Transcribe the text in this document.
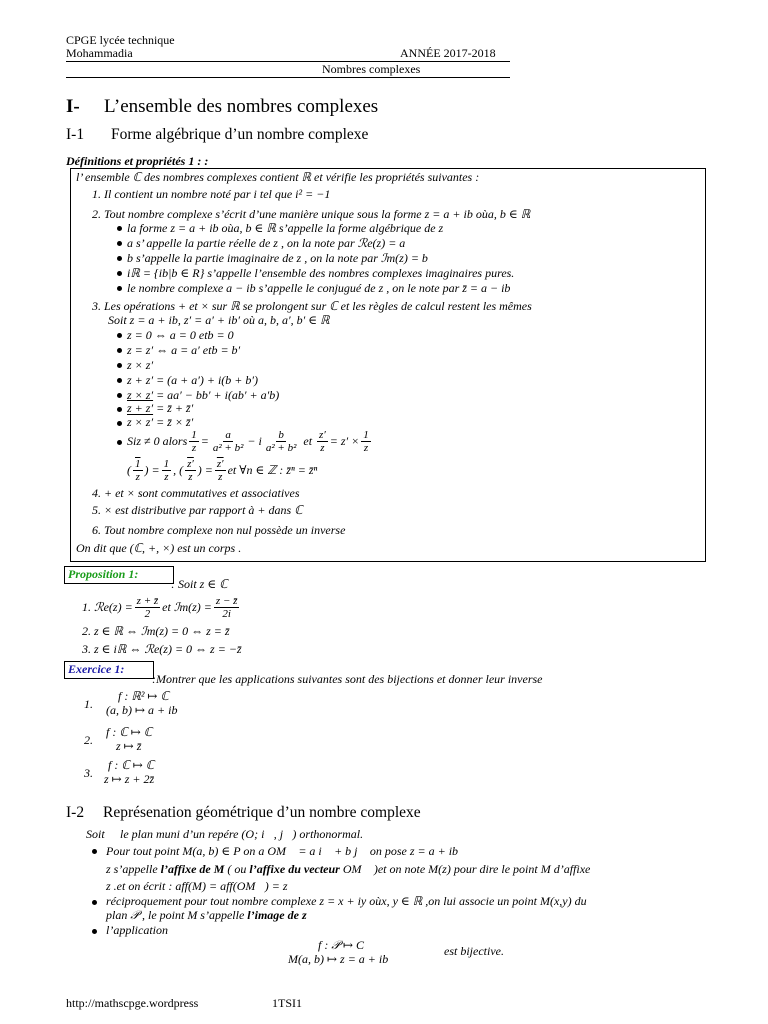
CPGE lycée technique
Mohammadia	ANNÉE 2017-2018
Nombres complexes
I- L’ensemble des nombres complexes
I-1 Forme algébrique d’un nombre complexe
Définitions et propriétés 1 : :
l’ ensemble ℂ des nombres complexes contient ℝ et vérifie les propriétés suivantes :
1. Il contient un nombre noté par i tel que i² = −1
2. Tout nombre complexe s’écrit d’une manière unique sous la forme z = a + ib oùa, b ∈ ℝ
la forme z = a + ib oùa, b ∈ ℝ s’appelle la forme algébrique de z
a s’ appelle la partie réelle de z , on la note par ℛe(z) = a
b s’appelle la partie imaginaire de z , on la note par ℐm(z) = b
iℝ = {ib|b ∈ R} s’appelle l’ensemble des nombres complexes imaginaires pures.
le nombre complexe a − ib s’appelle le conjugué de z , on le note par z̄ = a − ib
3. Les opérations + et × sur ℝ se prolongent sur ℂ et les règles de calcul restent les mêmes
Soit z = a + ib, z′ = a′ + ib′ où a, b, a′, b′ ∈ ℝ
z = 0 ⇔ a = 0 etb = 0
z = z′ ⇔ a = a′ etb = b′
z × z′
z + z′ = (a + a′) + i(b + b′)
z × z′ = aa′ − bb′ + i(ab′ + a′b)
z + z′ = z̄ + z̄′
z × z′ = z̄ × z̄′
Siz ≠ 0 alors $\frac{1}{z} = \frac{a}{\text{a² + b²}} - i \frac{b}{\text{a² + b²}}$ et $\frac{z'}{z} = z' \times \frac{1}{z}$
( $\frac{1}{z}$ ) = $\frac{1}{z}$ , ( $\frac{z'}{z}$ ) = $\frac{z'}{z}$ et ∀n ∈ ℤ : z̄ⁿ = z̄ⁿ
4. + et × sont commutatives et associatives
5. × est distributive par rapport à + dans ℂ
6. Tout nombre complexe non nul possède un inverse
On dit que (ℂ, +, ×) est un corps .
Proposition 1:
: Soit z ∈ ℂ
1. ℛe(z) = $\frac{z + z̄}{2}$ et ℐm(z) = $\frac{z - z̄}{2i}$
2. z ∈ ℝ ⇔ ℐm(z) = 0 ⇔ z = z̄
3. z ∈ iℝ ⇔ ℛe(z) = 0 ⇔ z = −z̄
Exercice 1:
:Montrer que les applications suivantes sont des bijections et donner leur inverse
1.
f : ℝ² ↦ ℂ
(a, b) ↦ a + ib
2.
f : ℂ ↦ ℂ
z ↦ z̄
3.
f : ℂ ↦ ℂ
z ↦ z + 2z̄
I-2 Représenation géométrique d’un nombre complexe
Soit 𝒫 le plan muni d’un repére (O; i⃗, j⃗) orthonormal.
Pour tout point M(a, b) ∈ P on a OM⃗ = a i⃗ + b j⃗ on pose z = a + ib
z s’appelle l’affixe de M ( ou l’affixe du vecteur OM⃗ )et on note M(z) pour dire le point M d’affixe
z .et on écrit : aff(M) = aff(OM⃗) = z
réciproquement pour tout nombre complexe z = x + iy oùx, y ∈ ℝ ,on lui associe un point M(x,y) du
plan 𝒫 , le point M s’appelle l’image de z
l’application
f : 𝒫 ↦ C
M(a, b) ↦ z = a + ib
est bijective.
http://mathscpge.wordpress	1TSI1
